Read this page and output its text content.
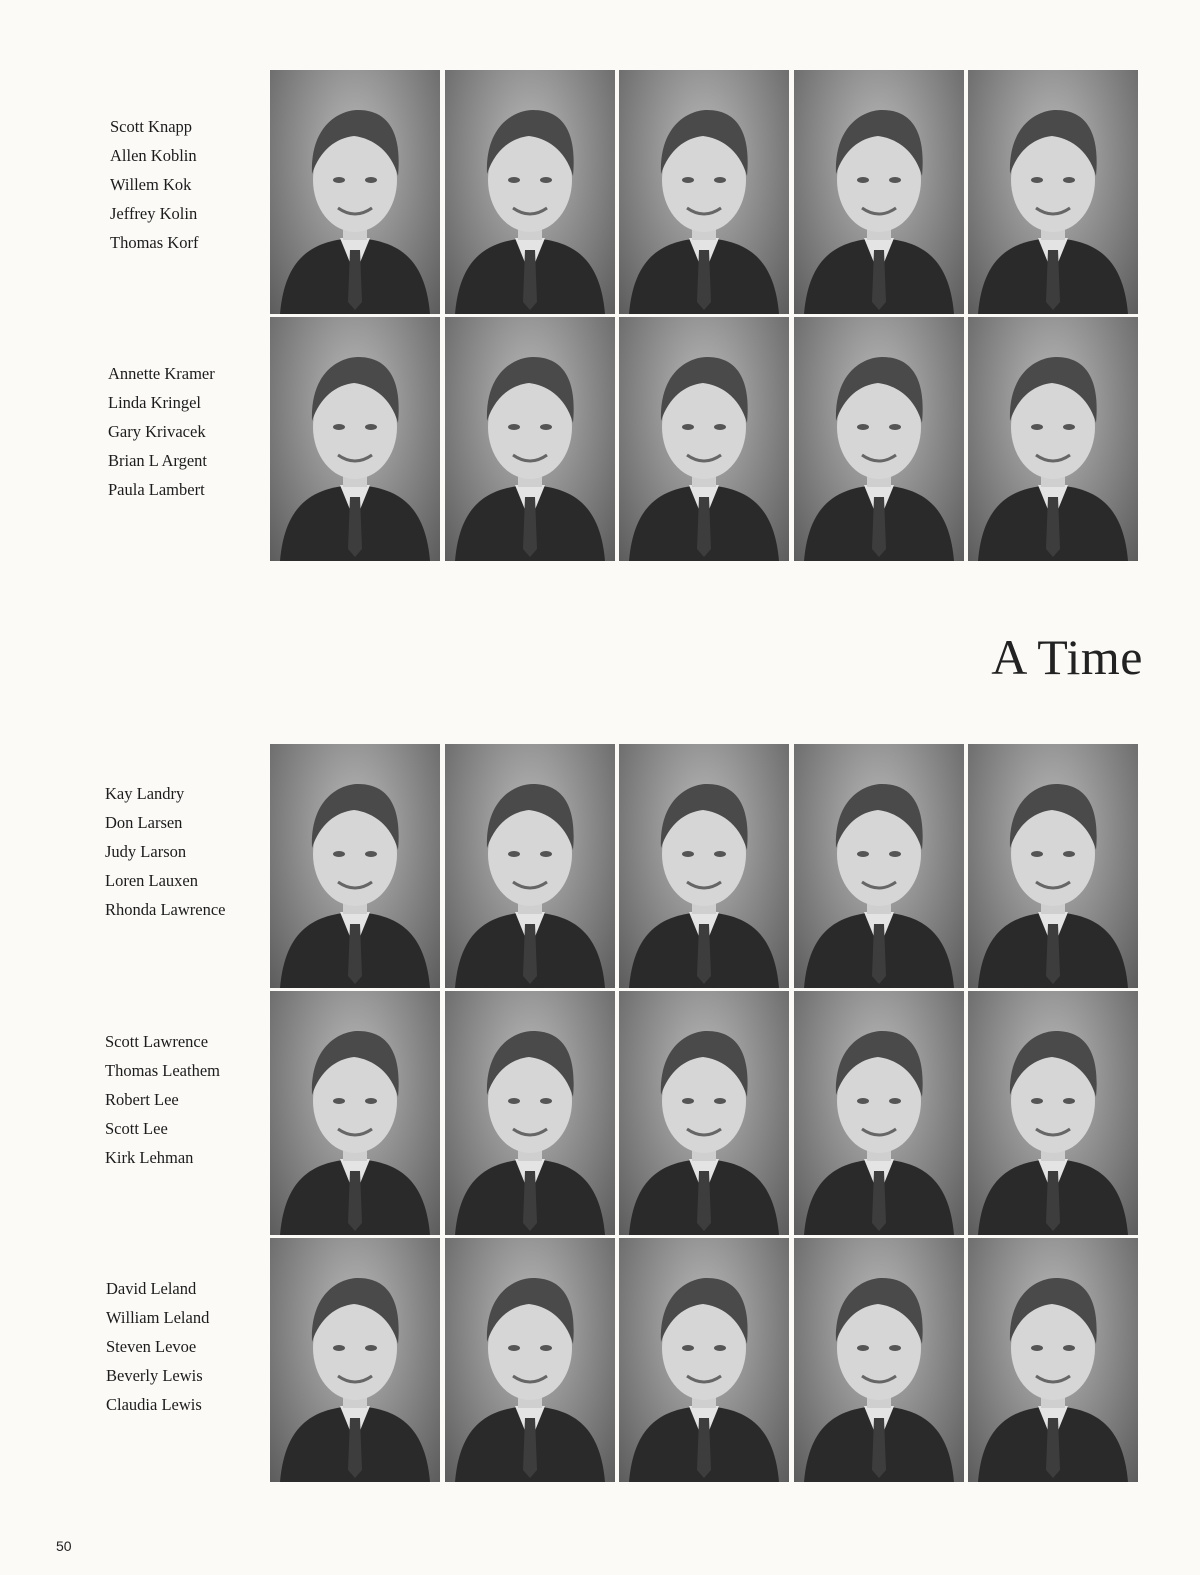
Scott Knapp
Allen Koblin
Willem Kok
Jeffrey Kolin
Thomas Korf
Annette Kramer
Linda Kringel
Gary Krivacek
Brian L Argent
Paula Lambert
A Time
Kay Landry
Don Larsen
Judy Larson
Loren Lauxen
Rhonda Lawrence
Scott Lawrence
Thomas Leathem
Robert Lee
Scott Lee
Kirk Lehman
David Leland
William Leland
Steven Levoe
Beverly Lewis
Claudia Lewis
50
